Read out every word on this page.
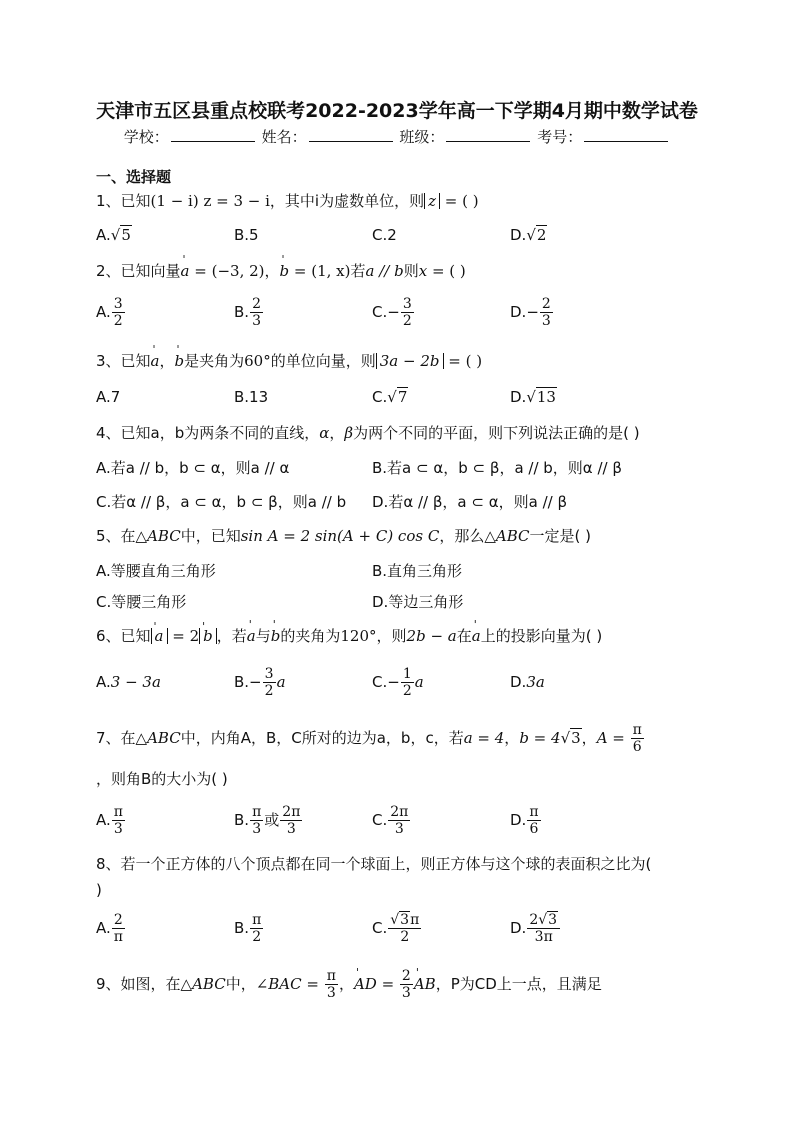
天津市五区县重点校联考2022-2023学年高一下学期4月期中数学试卷
学校：	姓名：	班级：	考号：
一、选择题
1、已知(1 − i) z = 3 − i，其中i为虚数单位，则 z = ( )
A.√5	B.5	C.2	D.√2
2、已知向量' a = (−3, 2)，' b = (1, x)若a // b则x = ( )
A. $\frac{3}{2}$	B. $\frac{2}{3}$	$C.- \frac{3}{2}$	$D.- \frac{2}{3}$
3、已知' a，' b是夹角为60°的单位向量，则 3a − 2b = ( )
A.7	B.13	C.√7	D.√13
4、已知a，b为两条不同的直线，α，β为两个不同的平面，则下列说法正确的是( )
A.若a // b，b ⊂ α，则a // α	B.若a ⊂ α，b ⊂ β，a // b，则α // β
C.若α // β，a ⊂ α，b ⊂ β，则a // b D.若α // β，a ⊂ α，则a // β
5、在△ABC中，已知sin A = 2 sin(A + C) cos C，那么△ABC一定是( )
A.等腰直角三角形	B.直角三角形
C.等腰三角形	D.等边三角形
6、已知 ' a = 2 ' b ，若' a与' b的夹角为120°，则2b − a在' a上的投影向量为( )
A.3 − 3a	$B.- \frac{3}{2}$ a	$C.- \frac{1}{2}$ a	D.3a
7、在△ABC中，内角A，B，C所对的边为a，b，c，若a = 4，b = 4√3，$A = \frac{\pi}{6}$
，则角B的大小为( )
A. $\frac{\pi}{3}$	B. $\frac{\pi}{3}$ 或 $\frac{2\pi}{3}$	C. $\frac{2\pi}{3}$	D. $\frac{\pi}{6}$
8、若一个正方体的八个顶点都在同一个球面上，则正方体与这个球的表面积之比为(
)
A. $\frac{2}{\pi}$	B. $\frac{\pi}{2}$	C. $\frac{√3\pi}{2}$	D. $\frac{2√3}{3\pi}$
9、如图，在△ABC中，∠BAC = $\frac{\pi}{3}$ ，' AD = $\frac{2}{3}$ ' AB，P为CD上一点，且满足
